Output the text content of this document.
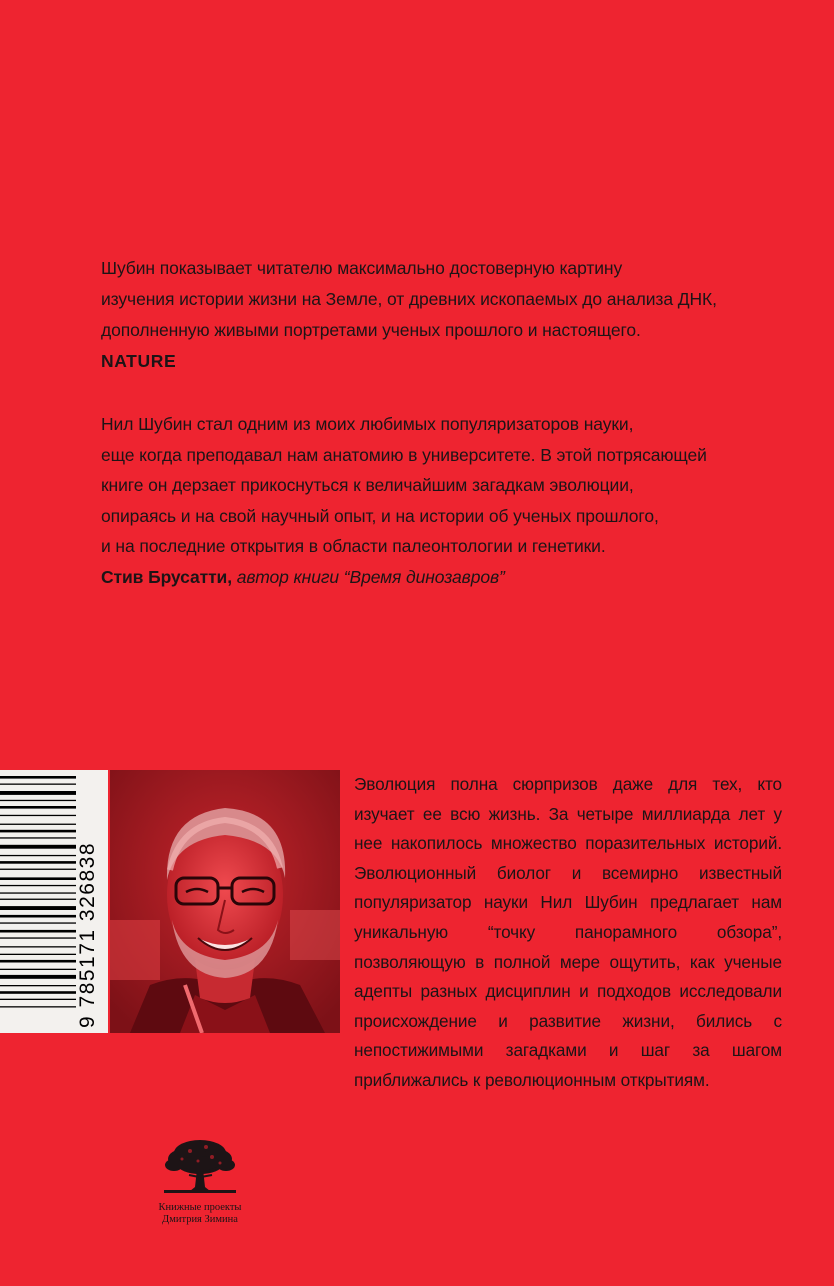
Шубин показывает читателю максимально достоверную картину

изучения истории жизни на Земле, от древних ископаемых до анализа ДНК,

дополненную живыми портретами ученых прошлого и настоящего.

NATURE

Нил Шубин стал одним из моих любимых популяризаторов науки,

еще когда преподавал нам анатомию в университете. В этой потрясающей

книге он дерзает прикоснуться к величайшим загадкам эволюции,

опираясь и на свой научный опыт, и на истории об ученых прошлого,

и на последние открытия в области палеонтологии и генетики.

Стив Брусатти, автор книги “Время динозавров”

9 785171 326838

Эволюция полна сюрпризов даже для тех, кто изучает ее всю жизнь. За четыре миллиарда лет у нее накопилось множество поразительных историй. Эволюционный биолог и всемирно известный популяризатор науки Нил Шубин предлагает нам уникальную “точку панорамного обзора”, позволяющую в полной мере ощутить, как ученые адепты разных дисциплин и подходов исследовали происхождение и развитие жизни, бились с непостижимыми загадками и шаг за шагом приближались к революционным открытиям.

Книжные проекты
Дмитрия Зимина
